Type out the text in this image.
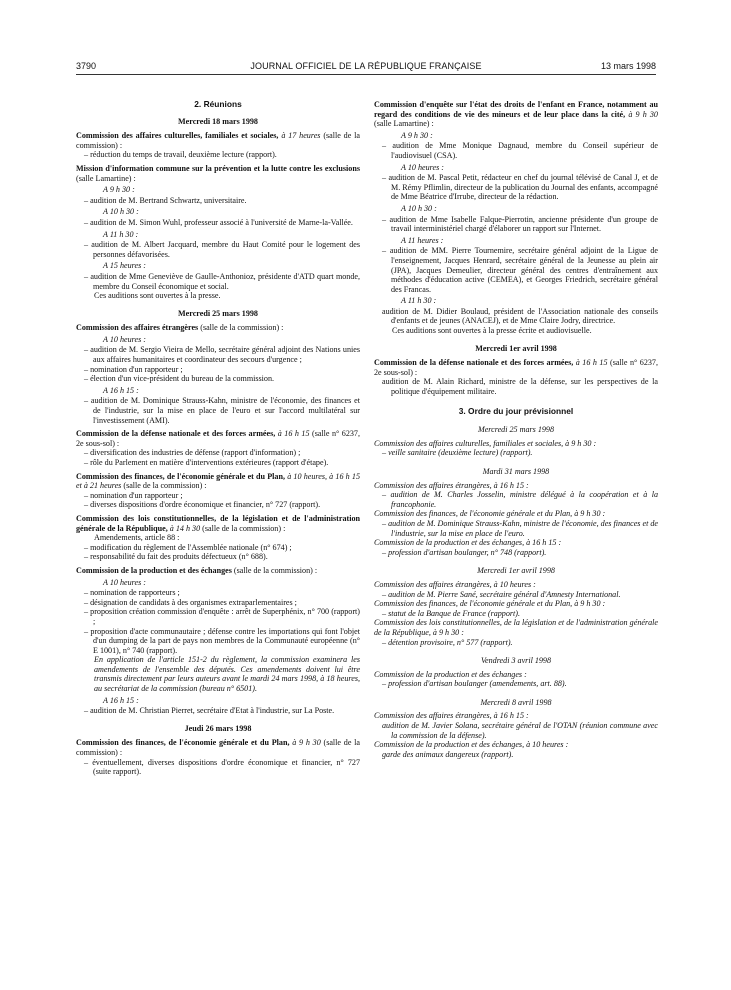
3790	JOURNAL OFFICIEL DE LA RÉPUBLIQUE FRANÇAISE	13 mars 1998

2. Réunions

Mercredi 18 mars 1998

Commission des affaires culturelles, familiales et sociales, à 17 heures (salle de la commission) :

– réduction du temps de travail, deuxième lecture (rapport).

Mission d'information commune sur la prévention et la lutte contre les exclusions (salle Lamartine) :

A 9 h 30 :

– audition de M. Bertrand Schwartz, universitaire.

A 10 h 30 :

– audition de M. Simon Wuhl, professeur associé à l'université de Marne-la-Vallée.

A 11 h 30 :

– audition de M. Albert Jacquard, membre du Haut Comité pour le logement des personnes défavorisées.

A 15 heures :

– audition de Mme Geneviève de Gaulle-Anthonioz, présidente d'ATD quart monde, membre du Conseil économique et social.

Ces auditions sont ouvertes à la presse.

Mercredi 25 mars 1998

Commission des affaires étrangères (salle de la commission) :

A 10 heures :

– audition de M. Sergio Vieira de Mello, secrétaire général adjoint des Nations unies aux affaires humanitaires et coordinateur des secours d'urgence ;

– nomination d'un rapporteur ;

– élection d'un vice-président du bureau de la commission.

A 16 h 15 :

– audition de M. Dominique Strauss-Kahn, ministre de l'économie, des finances et de l'industrie, sur la mise en place de l'euro et sur l'accord multilatéral sur l'investissement (AMI).

Commission de la défense nationale et des forces armées, à 16 h 15 (salle n° 6237, 2e sous-sol) :

– diversification des industries de défense (rapport d'information) ;

– rôle du Parlement en matière d'interventions extérieures (rapport d'étape).

Commission des finances, de l'économie générale et du Plan, à 10 heures, à 16 h 15 et à 21 heures (salle de la commission) :

– nomination d'un rapporteur ;

– diverses dispositions d'ordre économique et financier, n° 727 (rapport).

Commission des lois constitutionnelles, de la législation et de l'administration générale de la République, à 14 h 30 (salle de la commission) :

Amendements, article 88 :

– modification du règlement de l'Assemblée nationale (n° 674) ;

– responsabilité du fait des produits défectueux (n° 688).

Commission de la production et des échanges (salle de la commission) :

A 10 heures :

– nomination de rapporteurs ;

– désignation de candidats à des organismes extraparlementaires ;

– proposition création commission d'enquête : arrêt de Superphénix, n° 700 (rapport) ;

– proposition d'acte communautaire ; défense contre les importations qui font l'objet d'un dumping de la part de pays non membres de la Communauté européenne (n° E 1001), n° 740 (rapport).

En application de l'article 151-2 du règlement, la commission examinera les amendements de l'ensemble des députés. Ces amendements doivent lui être transmis directement par leurs auteurs avant le mardi 24 mars 1998, à 18 heures, au secrétariat de la commission (bureau n° 6501).

A 16 h 15 :

– audition de M. Christian Pierret, secrétaire d'Etat à l'industrie, sur La Poste.

Jeudi 26 mars 1998

Commission des finances, de l'économie générale et du Plan, à 9 h 30 (salle de la commission) :

– éventuellement, diverses dispositions d'ordre économique et financier, n° 727 (suite rapport).

Commission d'enquête sur l'état des droits de l'enfant en France, notamment au regard des conditions de vie des mineurs et de leur place dans la cité, à 9 h 30 (salle Lamartine) :

A 9 h 30 :

– audition de Mme Monique Dagnaud, membre du Conseil supérieur de l'audiovisuel (CSA).

A 10 heures :

– audition de M. Pascal Petit, rédacteur en chef du journal télévisé de Canal J, et de M. Rémy Pflimlin, directeur de la publication du Journal des enfants, accompagné de Mme Béatrice d'Irrube, directeur de la rédaction.

A 10 h 30 :

– audition de Mme Isabelle Falque-Pierrotin, ancienne présidente d'un groupe de travail interministériel chargé d'élaborer un rapport sur l'Internet.

A 11 heures :

– audition de MM. Pierre Tournemire, secrétaire général adjoint de la Ligue de l'enseignement, Jacques Henrard, secrétaire général de la Jeunesse au plein air (JPA), Jacques Demeulier, directeur général des centres d'entraînement aux méthodes d'éducation active (CEMEA), et Georges Friedrich, secrétaire général des Francas.

A 11 h 30 :

audition de M. Didier Boulaud, président de l'Association nationale des conseils d'enfants et de jeunes (ANACEJ), et de Mme Claire Jodry, directrice.

Ces auditions sont ouvertes à la presse écrite et audiovisuelle.

Mercredi 1er avril 1998

Commission de la défense nationale et des forces armées, à 16 h 15 (salle n° 6237, 2e sous-sol) :

audition de M. Alain Richard, ministre de la défense, sur les perspectives de la politique d'équipement militaire.

3. Ordre du jour prévisionnel

Mercredi 25 mars 1998

Commission des affaires culturelles, familiales et sociales, à 9 h 30 :

– veille sanitaire (deuxième lecture) (rapport).

Mardi 31 mars 1998

Commission des affaires étrangères, à 16 h 15 :

– audition de M. Charles Josselin, ministre délégué à la coopération et à la francophonie.

Commission des finances, de l'économie générale et du Plan, à 9 h 30 :

– audition de M. Dominique Strauss-Kahn, ministre de l'économie, des finances et de l'industrie, sur la mise en place de l'euro.

Commission de la production et des échanges, à 16 h 15 :

– profession d'artisan boulanger, n° 748 (rapport).

Mercredi 1er avril 1998

Commission des affaires étrangères, à 10 heures :

– audition de M. Pierre Sané, secrétaire général d'Amnesty International.

Commission des finances, de l'économie générale et du Plan, à 9 h 30 :

– statut de la Banque de France (rapport).

Commission des lois constitutionnelles, de la législation et de l'administration générale de la République, à 9 h 30 :

– détention provisoire, n° 577 (rapport).

Vendredi 3 avril 1998

Commission de la production et des échanges :

– profession d'artisan boulanger (amendements, art. 88).

Mercredi 8 avril 1998

Commission des affaires étrangères, à 16 h 15 :

audition de M. Javier Solana, secrétaire général de l'OTAN (réunion commune avec la commission de la défense).

Commission de la production et des échanges, à 10 heures :

garde des animaux dangereux (rapport).
